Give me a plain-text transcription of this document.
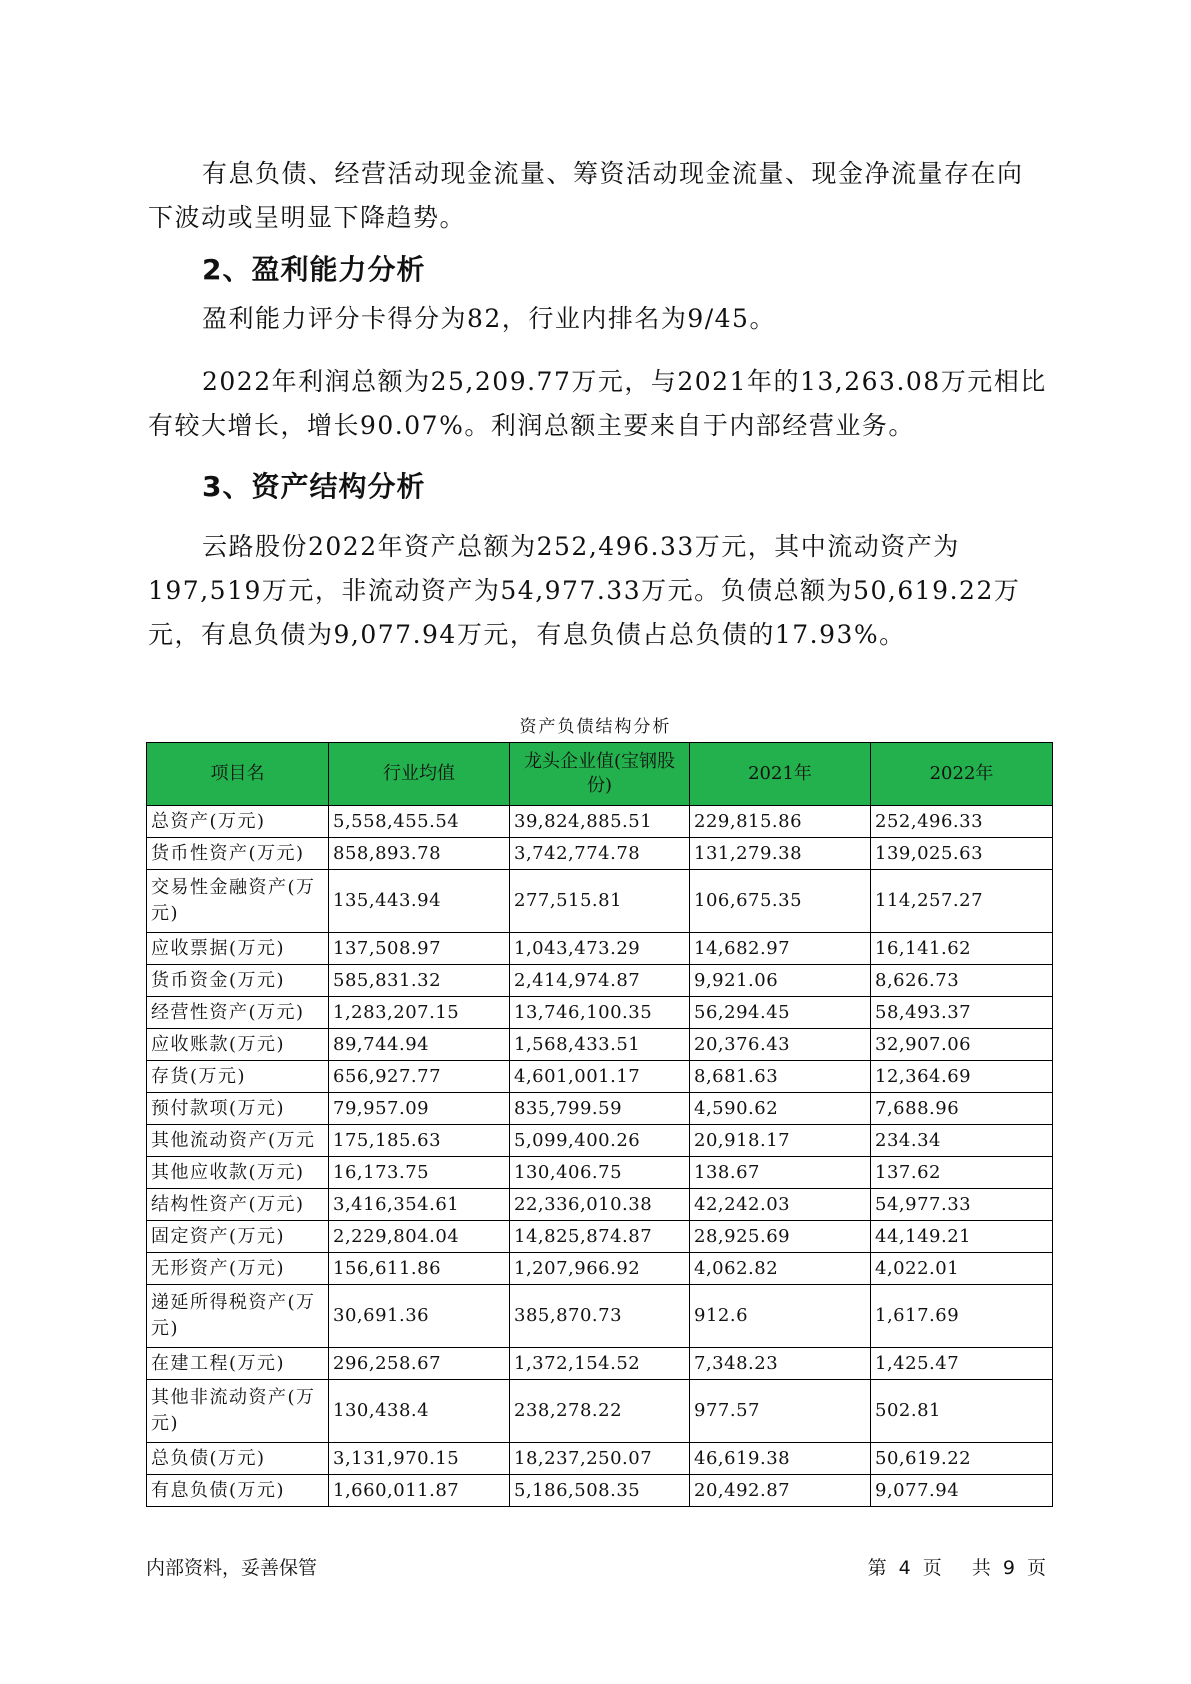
有息负债、经营活动现金流量、筹资活动现金流量、现金净流量存在向下波动或呈明显下降趋势。

2、盈利能力分析

盈利能力评分卡得分为82，行业内排名为9/45。

2022年利润总额为25,209.77万元，与2021年的13,263.08万元相比有较大增长，增长90.07%。利润总额主要来自于内部经营业务。

3、资产结构分析

云路股份2022年资产总额为252,496.33万元，其中流动资产为197,519万元，非流动资产为54,977.33万元。负债总额为50,619.22万元，有息负债为9,077.94万元，有息负债占总负债的17.93%。

资产负债结构分析
项目名	行业均值	龙头企业值(宝钢股份)	2021年	2022年
总资产(万元)	5,558,455.54	39,824,885.51	229,815.86	252,496.33
货币性资产(万元)	858,893.78	3,742,774.78	131,279.38	139,025.63
交易性金融资产(万元)	135,443.94	277,515.81	106,675.35	114,257.27
应收票据(万元)	137,508.97	1,043,473.29	14,682.97	16,141.62
货币资金(万元)	585,831.32	2,414,974.87	9,921.06	8,626.73
经营性资产(万元)	1,283,207.15	13,746,100.35	56,294.45	58,493.37
应收账款(万元)	89,744.94	1,568,433.51	20,376.43	32,907.06
存货(万元)	656,927.77	4,601,001.17	8,681.63	12,364.69
预付款项(万元)	79,957.09	835,799.59	4,590.62	7,688.96
其他流动资产(万元	175,185.63	5,099,400.26	20,918.17	234.34
其他应收款(万元)	16,173.75	130,406.75	138.67	137.62
结构性资产(万元)	3,416,354.61	22,336,010.38	42,242.03	54,977.33
固定资产(万元)	2,229,804.04	14,825,874.87	28,925.69	44,149.21
无形资产(万元)	156,611.86	1,207,966.92	4,062.82	4,022.01
递延所得税资产(万元)	30,691.36	385,870.73	912.6	1,617.69
在建工程(万元)	296,258.67	1,372,154.52	7,348.23	1,425.47
其他非流动资产(万元)	130,438.4	238,278.22	977.57	502.81
总负债(万元)	3,131,970.15	18,237,250.07	46,619.38	50,619.22
有息负债(万元)	1,660,011.87	5,186,508.35	20,492.87	9,077.94
内部资料，妥善保管	第 4 页 共 9 页
